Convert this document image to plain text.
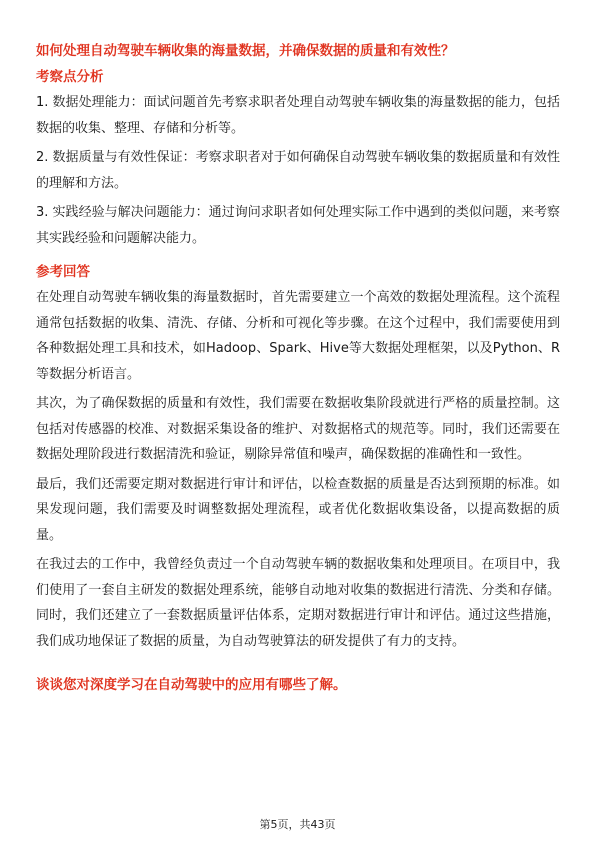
如何处理自动驾驶车辆收集的海量数据，并确保数据的质量和有效性？
考察点分析
1. 数据处理能力：面试问题首先考察求职者处理自动驾驶车辆收集的海量数据的能力，包括数据的收集、整理、存储和分析等。
2. 数据质量与有效性保证：考察求职者对于如何确保自动驾驶车辆收集的数据质量和有效性的理解和方法。
3. 实践经验与解决问题能力：通过询问求职者如何处理实际工作中遇到的类似问题，来考察其实践经验和问题解决能力。
参考回答
在处理自动驾驶车辆收集的海量数据时，首先需要建立一个高效的数据处理流程。这个流程通常包括数据的收集、清洗、存储、分析和可视化等步骤。在这个过程中，我们需要使用到各种数据处理工具和技术，如Hadoop、Spark、Hive等大数据处理框架，以及Python、R等数据分析语言。
其次，为了确保数据的质量和有效性，我们需要在数据收集阶段就进行严格的质量控制。这包括对传感器的校准、对数据采集设备的维护、对数据格式的规范等。同时，我们还需要在数据处理阶段进行数据清洗和验证，剔除异常值和噪声，确保数据的准确性和一致性。
最后，我们还需要定期对数据进行审计和评估，以检查数据的质量是否达到预期的标准。如果发现问题，我们需要及时调整数据处理流程，或者优化数据收集设备，以提高数据的质量。
在我过去的工作中，我曾经负责过一个自动驾驶车辆的数据收集和处理项目。在项目中，我们使用了一套自主研发的数据处理系统，能够自动地对收集的数据进行清洗、分类和存储。同时，我们还建立了一套数据质量评估体系，定期对数据进行审计和评估。通过这些措施，我们成功地保证了数据的质量，为自动驾驶算法的研发提供了有力的支持。
谈谈您对深度学习在自动驾驶中的应用有哪些了解。
第5页，共43页
